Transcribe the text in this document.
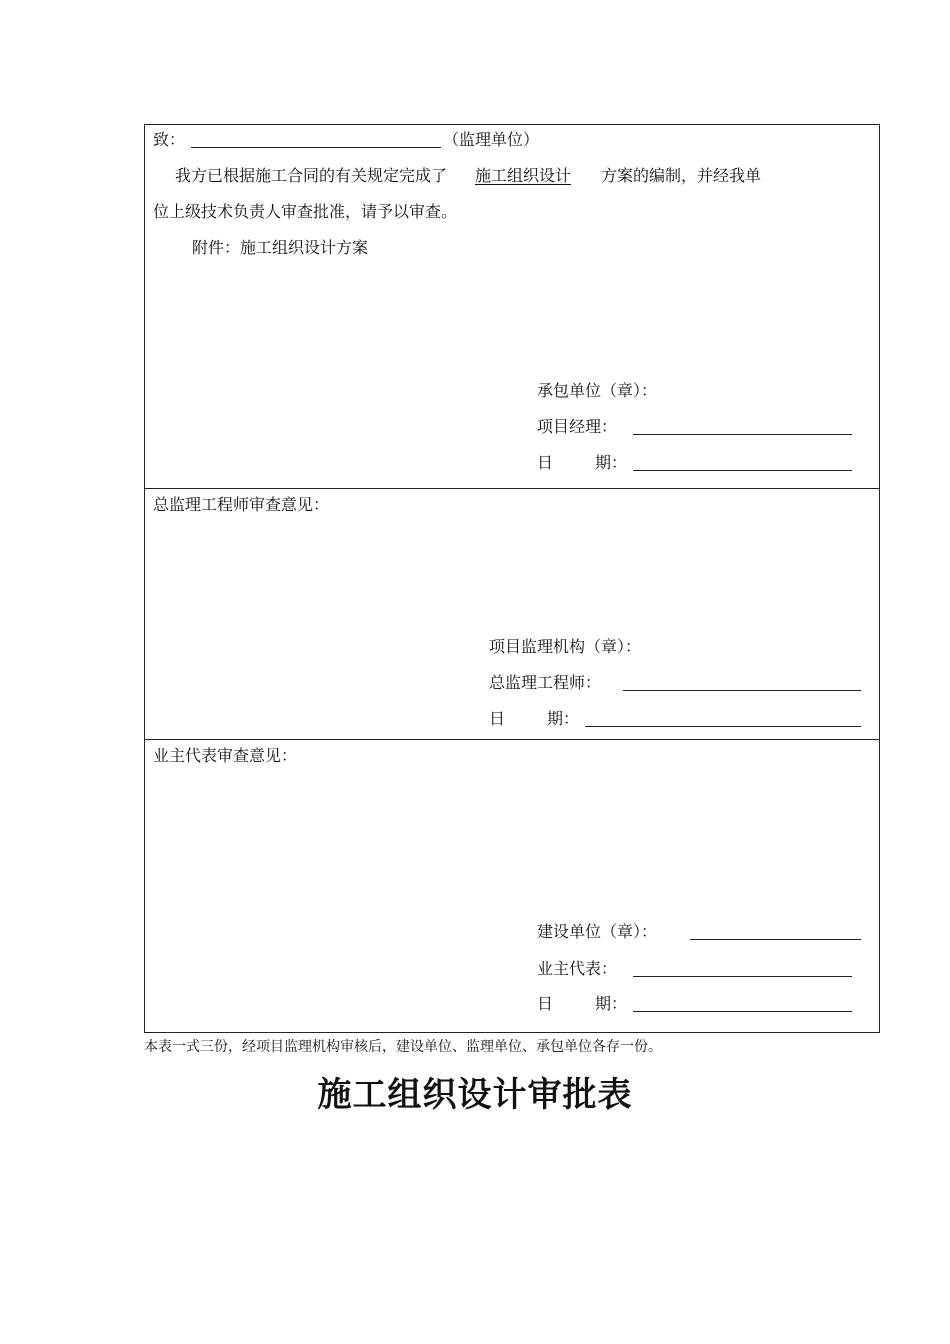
致：	（监理单位）
我方已根据施工合同的有关规定完成了 施工组织设计 方案的编制，并经我单
位上级技术负责人审查批准，请予以审查。
附件：施工组织设计方案
承包单位（章）：
项目经理：
日	期：
总监理工程师审查意见：
项目监理机构（章）：
总监理工程师：
日	期：
业主代表审查意见：
建设单位（章）：
业主代表：
日	期：
本表一式三份，经项目监理机构审核后，建设单位、监理单位、承包单位各存一份。
施工组织设计审批表
